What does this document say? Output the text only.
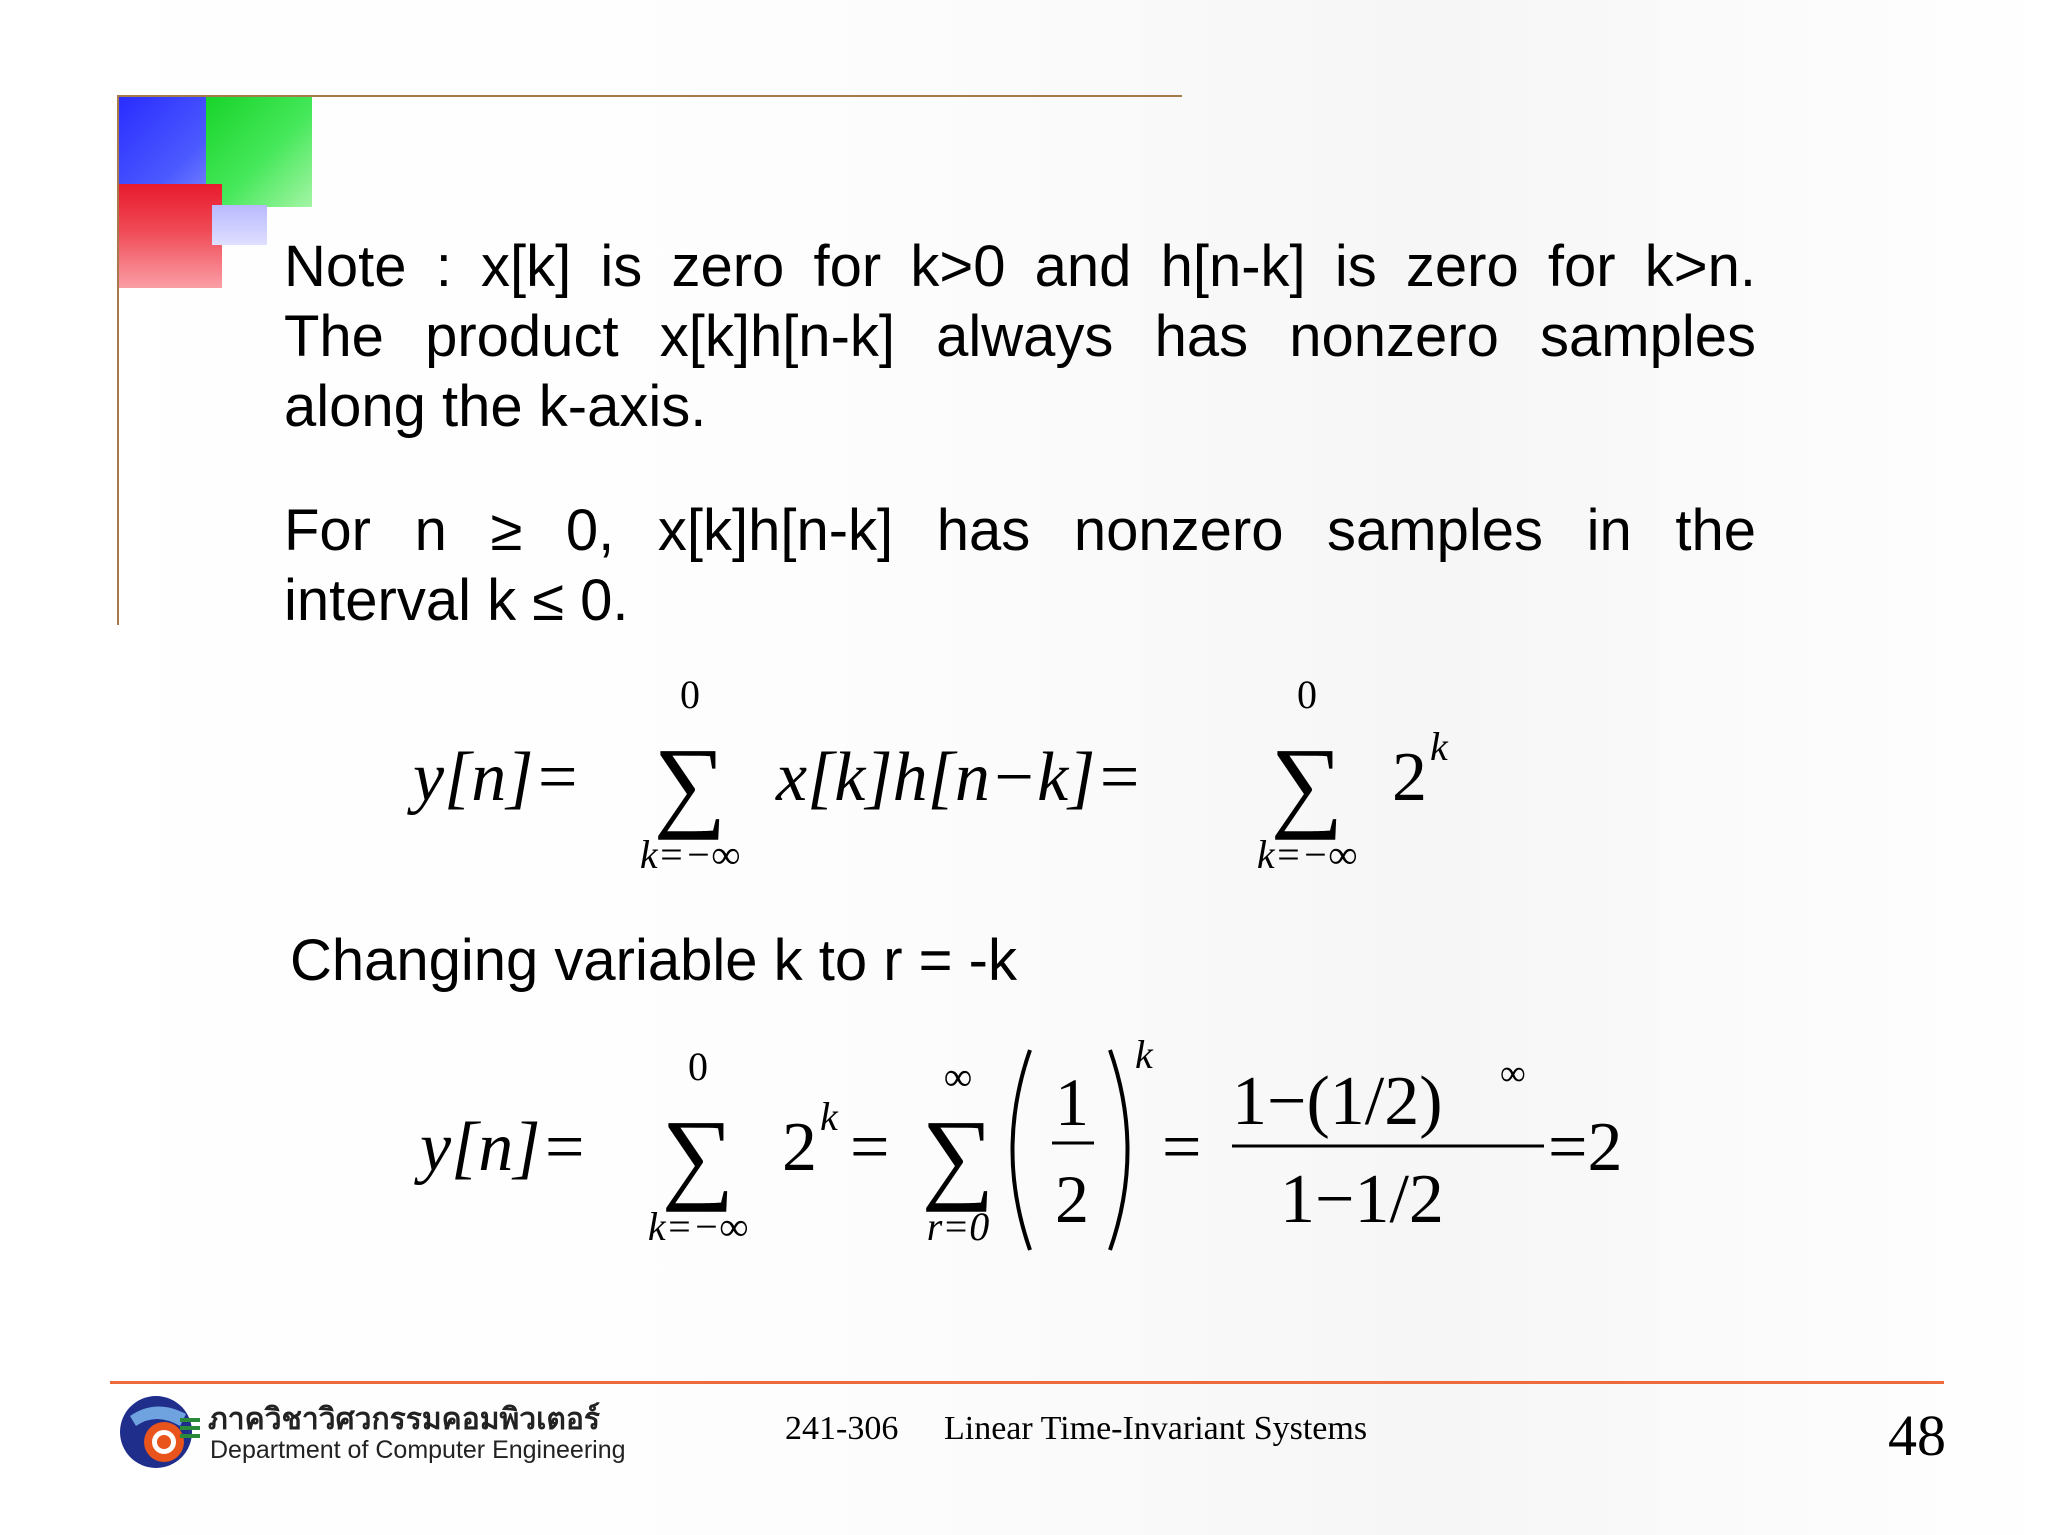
Note : x[k] is zero for k>0 and h[n-k] is zero for k>n.
The product x[k]h[n-k] always has nonzero samples
along the k-axis.
For n ≥ 0, x[k]h[n-k] has nonzero samples in the
interval k ≤ 0.
y[n]=
0
∑
k=−∞
x[k]h[n−k]=
0
∑
k=−∞
2 k
Changing variable k to r = -k
y[n]=
0
∑
k=−∞
2 k =
∞
∑
r=0
1
2
k
=
1−(1/2) ∞
1−1/2
=2
ภาควิชาวิศวกรรมคอมพิวเตอร์
Department of Computer Engineering
241-306 Linear Time-Invariant Systems	48
